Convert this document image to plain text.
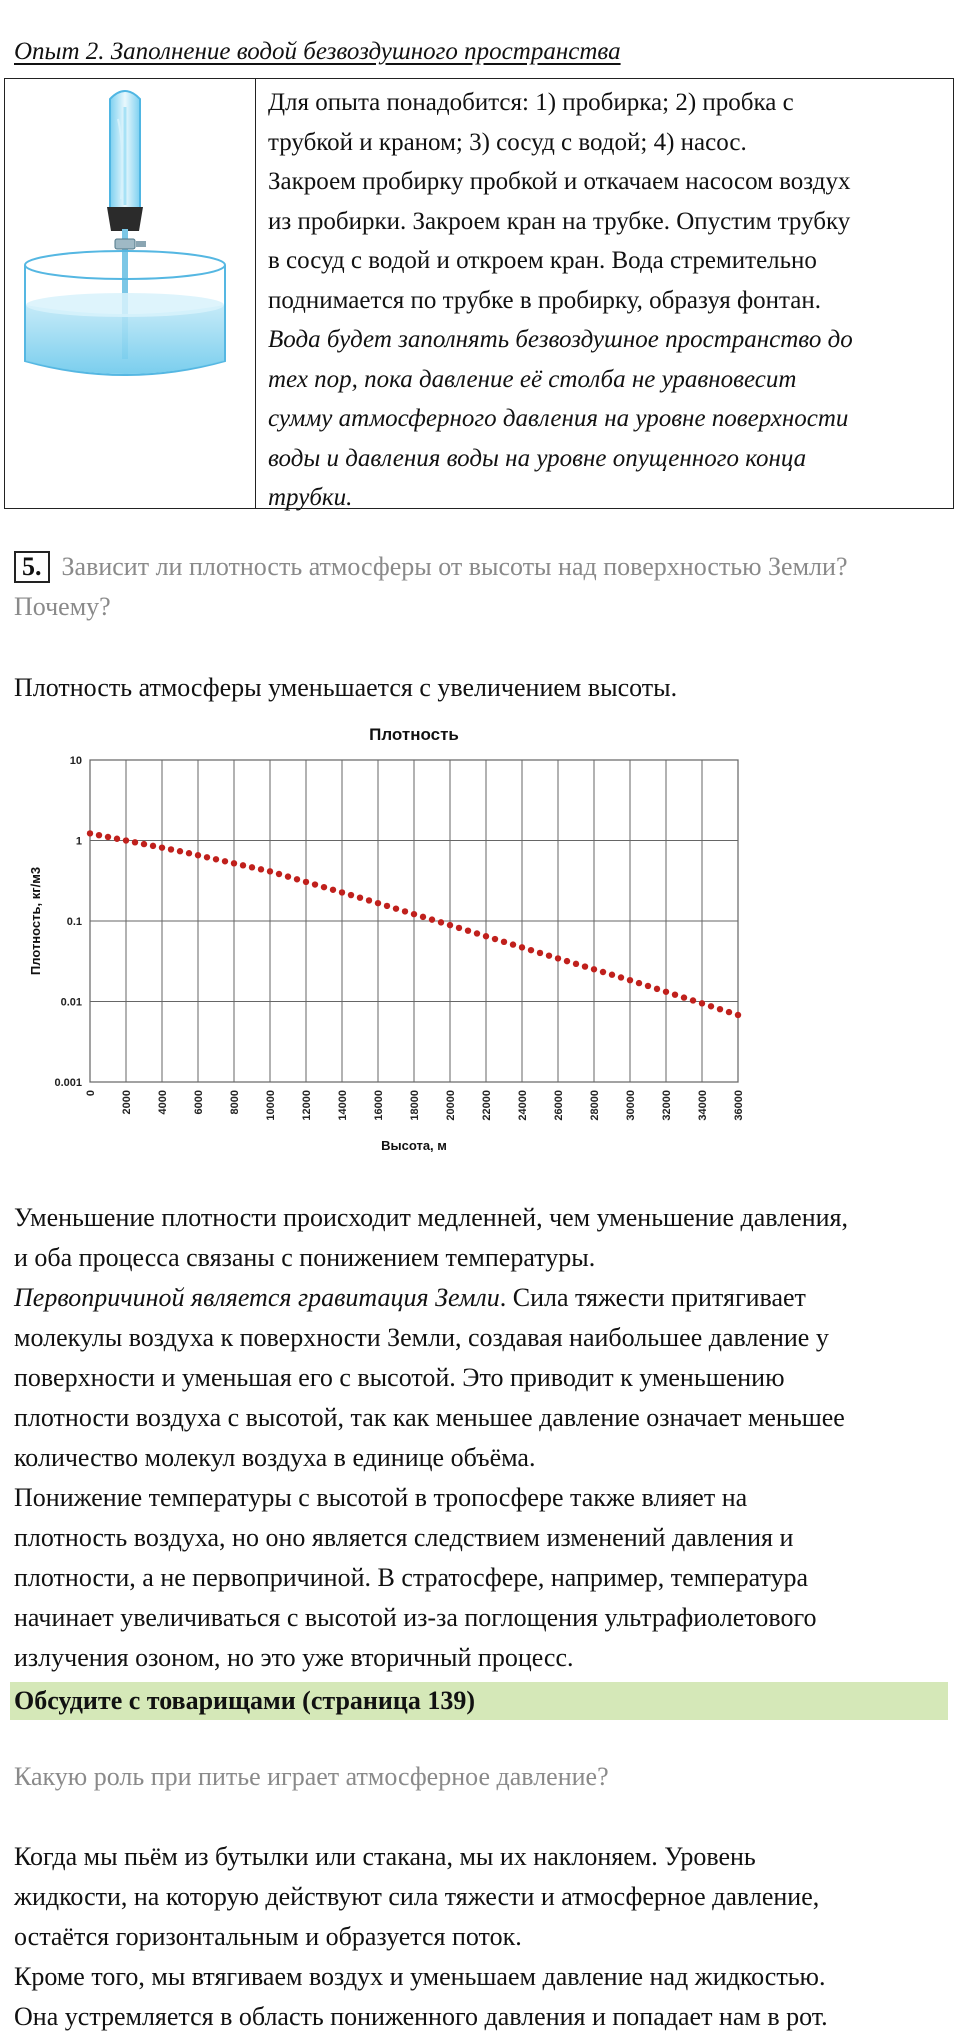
Опыт 2. Заполнение водой безвоздушного пространства
Для опыта понадобится: 1) пробирка; 2) пробка с
трубкой и краном; 3) сосуд с водой; 4) насос.
Закроем пробирку пробкой и откачаем насосом воздух
из пробирки. Закроем кран на трубке. Опустим трубку
в сосуд с водой и откроем кран. Вода стремительно
поднимается по трубке в пробирку, образуя фонтан.
Вода будет заполнять безвоздушное пространство до
тех пор, пока давление её столба не уравновесит
сумму атмосферного давления на уровне поверхности
воды и давления воды на уровне опущенного конца
трубки.
5. Зависит ли плотность атмосферы от высоты над поверхностью Земли? Почему?
Плотность атмосферы уменьшается с увеличением высоты.
0 2000 4000 6000 8000 10000 12000 14000 16000 18000 20000 22000 24000 26000 28000 30000 32000 34000 36000
0.001
0.01
0.1
1
10
Плотность
Высота, м
Плотность, кг/м3
Уменьшение плотности происходит медленней, чем уменьшение давления,
и оба процесса связаны с понижением температуры.
Первопричиной является гравитация Земли. Сила тяжести притягивает
молекулы воздуха к поверхности Земли, создавая наибольшее давление у
поверхности и уменьшая его с высотой. Это приводит к уменьшению
плотности воздуха с высотой, так как меньшее давление означает меньшее
количество молекул воздуха в единице объёма.
Понижение температуры с высотой в тропосфере также влияет на
плотность воздуха, но оно является следствием изменений давления и
плотности, а не первопричиной. В стратосфере, например, температура
начинает увеличиваться с высотой из-за поглощения ультрафиолетового
излучения озоном, но это уже вторичный процесс.
Обсудите с товарищами (страница 139)
Какую роль при питье играет атмосферное давление?
Когда мы пьём из бутылки или стакана, мы их наклоняем. Уровень
жидкости, на которую действуют сила тяжести и атмосферное давление,
остаётся горизонтальным и образуется поток.
Кроме того, мы втягиваем воздух и уменьшаем давление над жидкостью.
Она устремляется в область пониженного давления и попадает нам в рот.
